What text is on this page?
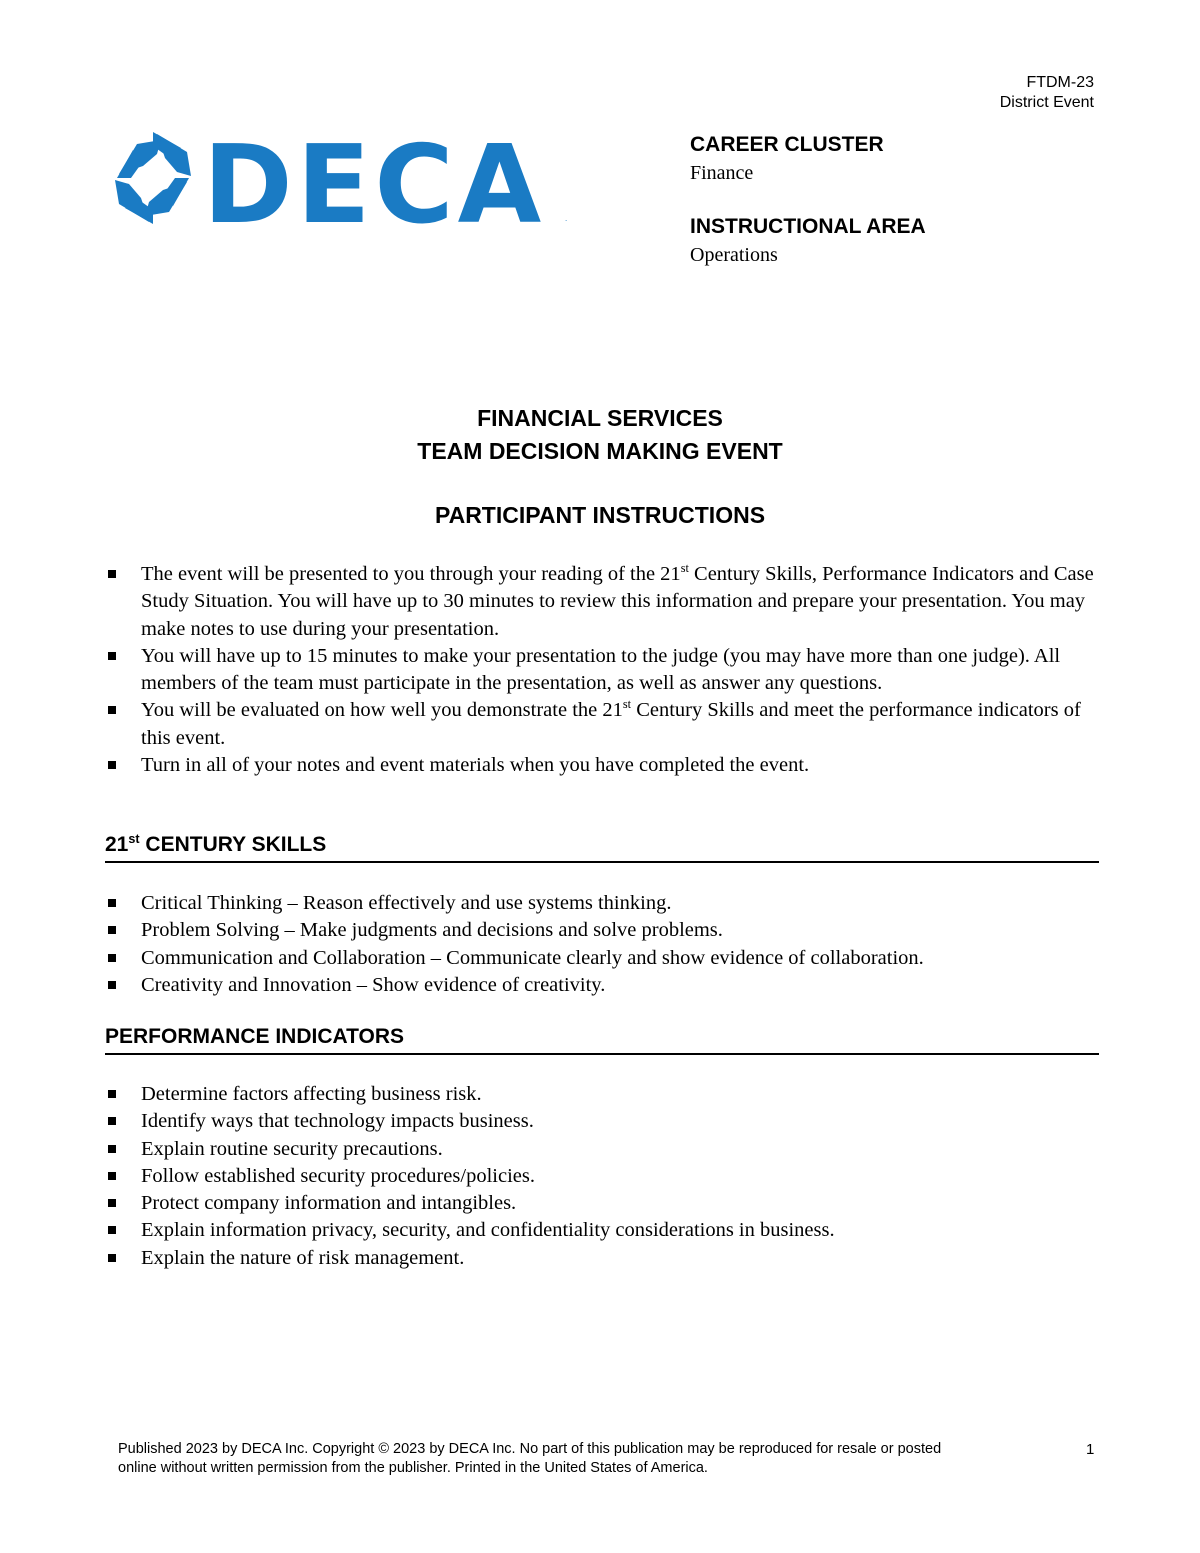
FTDM-23
District Event
DECA .
CAREER CLUSTER
Finance
INSTRUCTIONAL AREA
Operations

FINANCIAL SERVICES

TEAM DECISION MAKING EVENT

PARTICIPANT INSTRUCTIONS

The event will be presented to you through your reading of the 21st Century Skills, Performance Indicators and Case Study Situation. You will have up to 30 minutes to review this information and prepare your presentation. You may make notes to use during your presentation.
You will have up to 15 minutes to make your presentation to the judge (you may have more than one judge). All members of the team must participate in the presentation, as well as answer any questions.
You will be evaluated on how well you demonstrate the 21st Century Skills and meet the performance indicators of this event.
Turn in all of your notes and event materials when you have completed the event.
21st CENTURY SKILLS
Critical Thinking – Reason effectively and use systems thinking.
Problem Solving – Make judgments and decisions and solve problems.
Communication and Collaboration – Communicate clearly and show evidence of collaboration.
Creativity and Innovation – Show evidence of creativity.
PERFORMANCE INDICATORS
Determine factors affecting business risk.
Identify ways that technology impacts business.
Explain routine security precautions.
Follow established security procedures/policies.
Protect company information and intangibles.
Explain information privacy, security, and confidentiality considerations in business.
Explain the nature of risk management.
Published 2023 by DECA Inc. Copyright © 2023 by DECA Inc. No part of this publication may be reproduced for resale or posted
online without written permission from the publisher. Printed in the United States of America.
1
